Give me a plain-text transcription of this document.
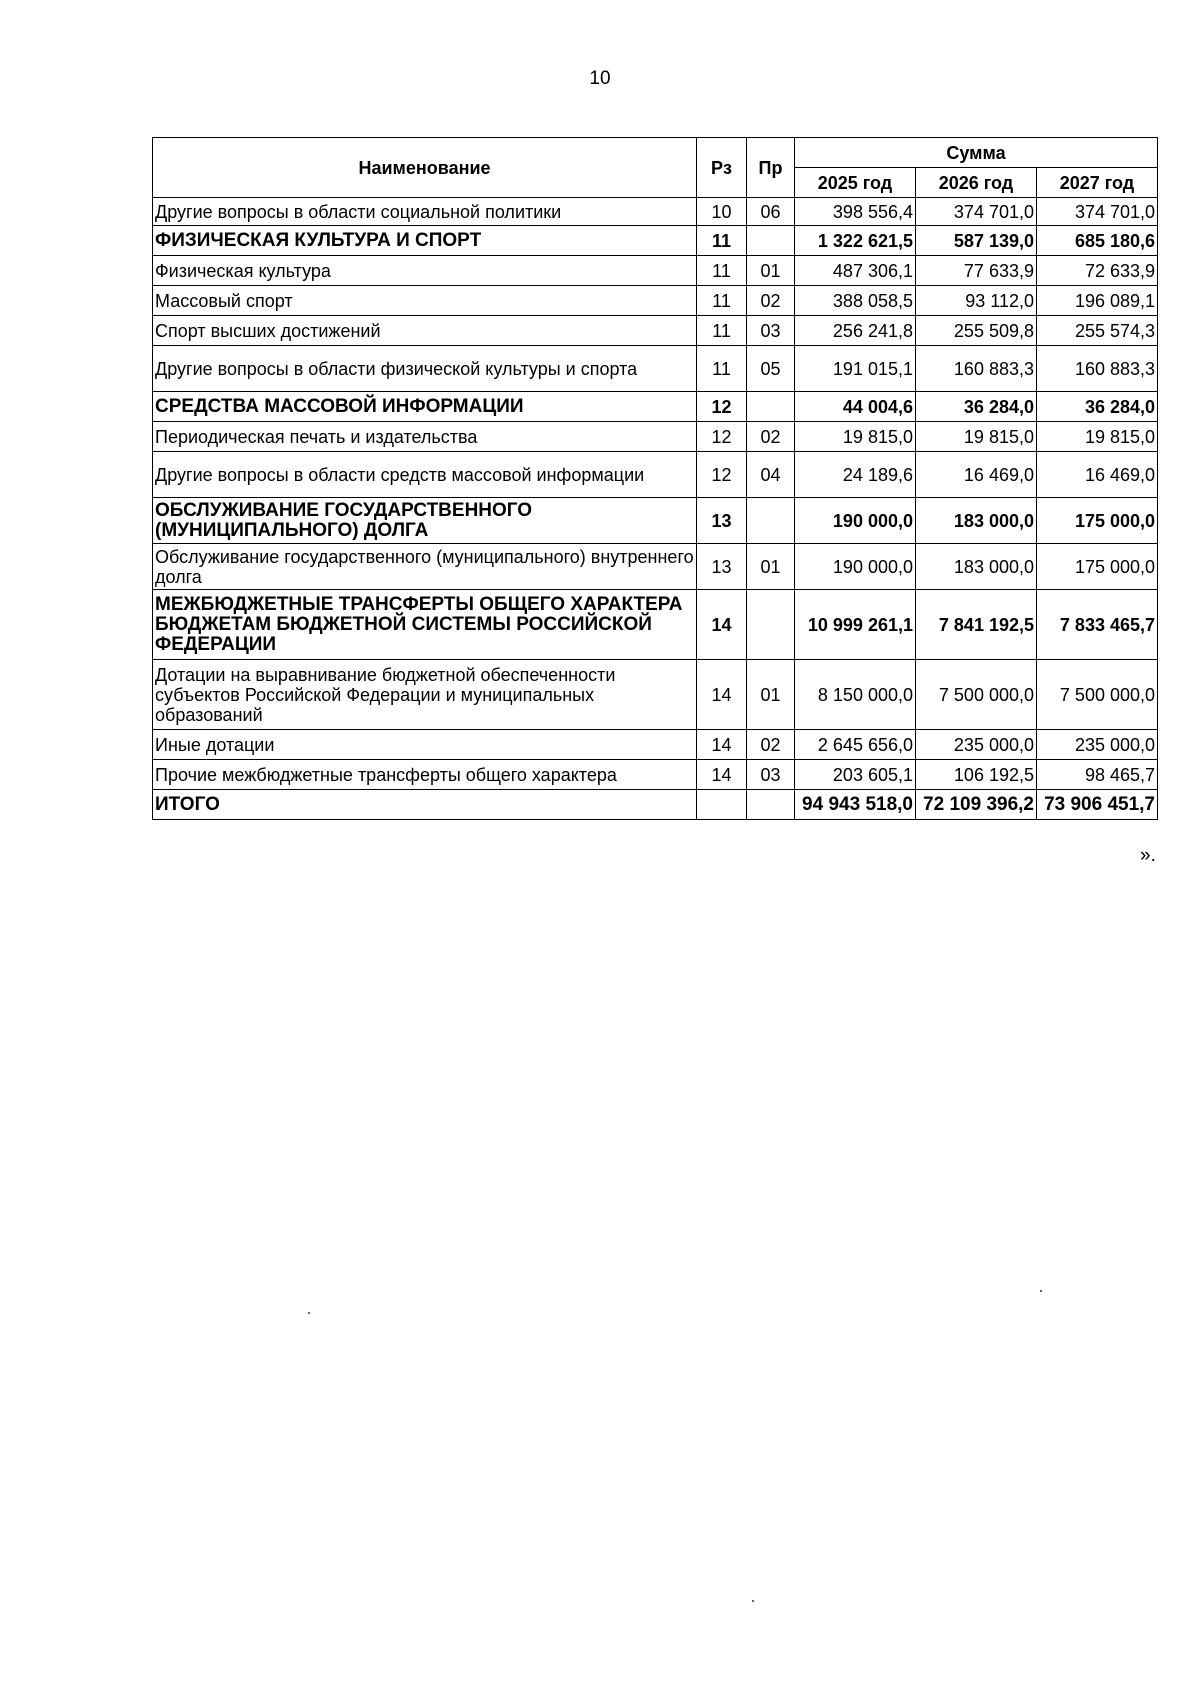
10
Наименование	Рз	Пр	Сумма		
			2025 год	2026 год	2027 год
Другие вопросы в области социальной политики	10	06	398 556,4	374 701,0	374 701,0
ФИЗИЧЕСКАЯ КУЛЬТУРА И СПОРТ	11		1 322 621,5	587 139,0	685 180,6
Физическая культура	11	01	487 306,1	77 633,9	72 633,9
Массовый спорт	11	02	388 058,5	93 112,0	196 089,1
Спорт высших достижений	11	03	256 241,8	255 509,8	255 574,3
Другие вопросы в области физической культуры и спорта	11	05	191 015,1	160 883,3	160 883,3
СРЕДСТВА МАССОВОЙ ИНФОРМАЦИИ	12		44 004,6	36 284,0	36 284,0
Периодическая печать и издательства	12	02	19 815,0	19 815,0	19 815,0
Другие вопросы в области средств массовой информации	12	04	24 189,6	16 469,0	16 469,0
ОБСЛУЖИВАНИЕ ГОСУДАРСТВЕННОГО (МУНИЦИПАЛЬНОГО) ДОЛГА	13		190 000,0	183 000,0	175 000,0
Обслуживание государственного (муниципального) внутреннего долга	13	01	190 000,0	183 000,0	175 000,0
МЕЖБЮДЖЕТНЫЕ ТРАНСФЕРТЫ ОБЩЕГО ХАРАКТЕРА БЮДЖЕТАМ БЮДЖЕТНОЙ СИСТЕМЫ РОССИЙСКОЙ ФЕДЕРАЦИИ	14		10 999 261,1	7 841 192,5	7 833 465,7
Дотации на выравнивание бюджетной обеспеченности субъектов Российской Федерации и муниципальных образований	14	01	8 150 000,0	7 500 000,0	7 500 000,0
Иные дотации	14	02	2 645 656,0	235 000,0	235 000,0
Прочие межбюджетные трансферты общего характера	14	03	203 605,1	106 192,5	98 465,7
ИТОГО			94 943 518,0	72 109 396,2	73 906 451,7
».
